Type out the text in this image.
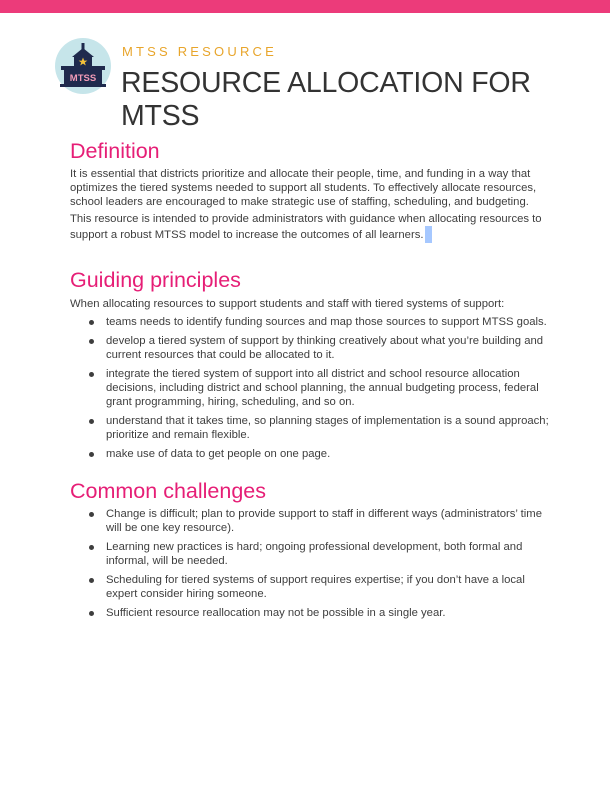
MTSS
MTSS RESOURCE
RESOURCE ALLOCATION FOR MTSS
Definition

It is essential that districts prioritize and allocate their people, time, and funding in a way that optimizes the tiered systems needed to support all students. To effectively allocate resources, school leaders are encouraged to make strategic use of staffing, scheduling, and budgeting.

This resource is intended to provide administrators with guidance when allocating resources to support a robust MTSS model to increase the outcomes of all learners.

Guiding principles

When allocating resources to support students and staff with tiered systems of support:

teams needs to identify funding sources and map those sources to support MTSS goals.
develop a tiered system of support by thinking creatively about what you’re building and current resources that could be allocated to it.
integrate the tiered system of support into all district and school resource allocation decisions, including district and school planning, the annual budgeting process, federal grant programming, hiring, scheduling, and so on.
understand that it takes time, so planning stages of implementation is a sound approach; prioritize and remain flexible.
make use of data to get people on one page.
Common challenges
Change is difficult; plan to provide support to staff in different ways (administrators’ time will be one key resource).
Learning new practices is hard; ongoing professional development, both formal and informal, will be needed.
Scheduling for tiered systems of support requires expertise; if you don’t have a local expert consider hiring someone.
Sufficient resource reallocation may not be possible in a single year.
